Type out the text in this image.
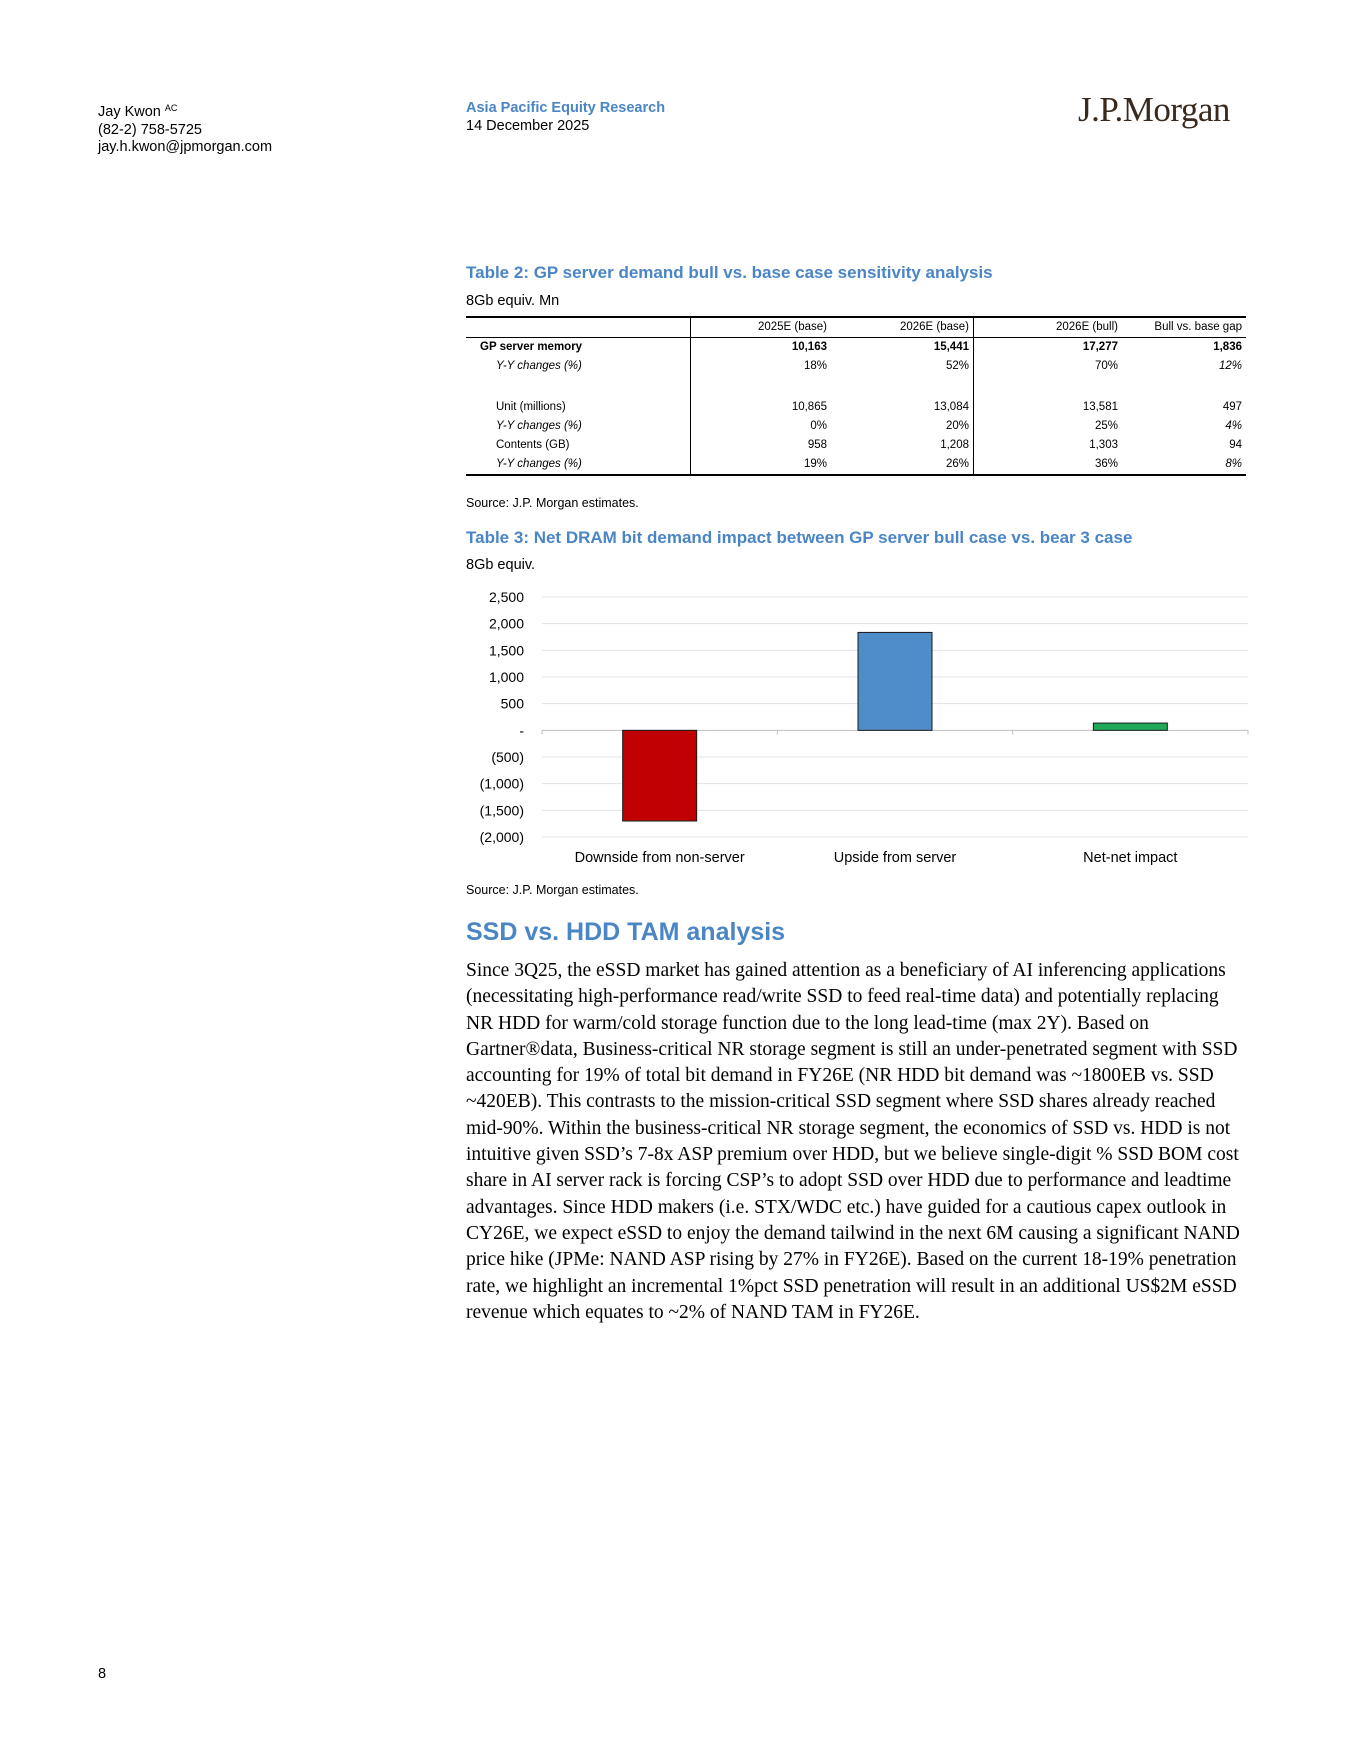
Jay Kwon $^{AC}$
(82-2) 758-5725
jay.h.kwon@jpmorgan.com
Asia Pacific Equity Research
14 December 2025	J.P.Morgan
Table 2: GP server demand bull vs. base case sensitivity analysis
8Gb equiv. Mn
	2025E (base)	2026E (base)	2026E (bull)	Bull vs. base gap
GP server memory	10,163	15,441	17,277	1,836
Y-Y changes (%)	18%	52%	70%	12%

Unit (millions)	10,865	13,084	13,581	497
Y-Y changes (%)	0%	20%	25%	4%
Contents (GB)	958	1,208	1,303	94
Y-Y changes (%)	19%	26%	36%	8%
Source: J.P. Morgan estimates.
Table 3: Net DRAM bit demand impact between GP server bull case vs. bear 3 case
8Gb equiv.
2,500
2,000
1,500
1,000
500
-
(500)
(1,000)
(1,500)
(2,000)
Downside from non-server	Upside from server	Net-net impact
Source: J.P. Morgan estimates.
SSD vs. HDD TAM analysis
Since 3Q25, the eSSD market has gained attention as a beneficiary of AI inferencing applications (necessitating high-performance read/write SSD to feed real-time data) and potentially replacing NR HDD for warm/cold storage function due to the long lead-time (max 2Y). Based on Gartner®data, Business-critical NR storage segment is still an under-penetrated segment with SSD accounting for 19% of total bit demand in FY26E (NR HDD bit demand was ~1800EB vs. SSD ~420EB). This contrasts to the mission-critical SSD segment where SSD shares already reached mid-90%. Within the business-critical NR storage segment, the economics of SSD vs. HDD is not intuitive given SSD’s 7-8x ASP premium over HDD, but we believe single-digit % SSD BOM cost share in AI server rack is forcing CSP’s to adopt SSD over HDD due to performance and leadtime advantages. Since HDD makers (i.e. STX/WDC etc.) have guided for a cautious capex outlook in CY26E, we expect eSSD to enjoy the demand tailwind in the next 6M causing a significant NAND price hike (JPMe: NAND ASP rising by 27% in FY26E). Based on the current 18-19% penetration rate, we highlight an incremental 1%pct SSD penetration will result in an additional US$2M eSSD revenue which equates to ~2% of NAND TAM in FY26E.
8
